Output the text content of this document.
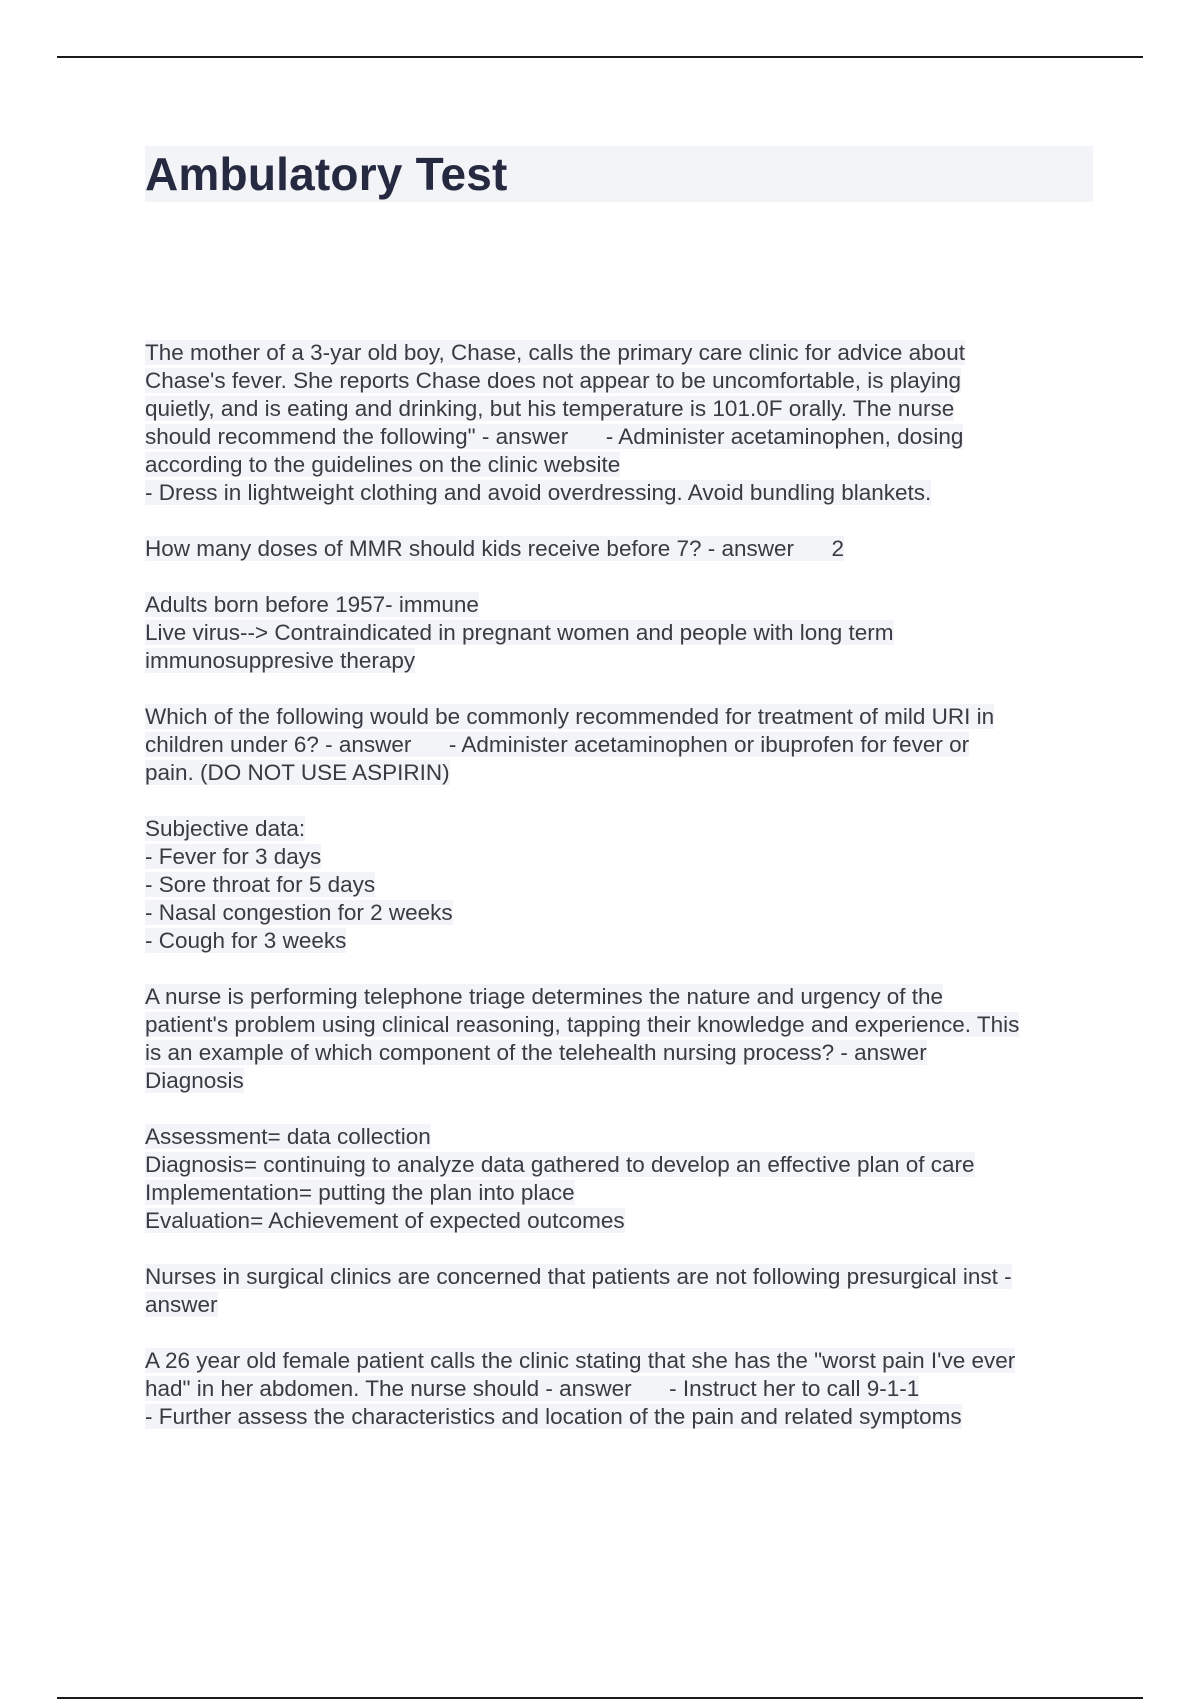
Ambulatory Test
The mother of a 3-yar old boy, Chase, calls the primary care clinic for advice about
Chase's fever. She reports Chase does not appear to be uncomfortable, is playing
quietly, and is eating and drinking, but his temperature is 101.0F orally. The nurse
should recommend the following" - answer      - Administer acetaminophen, dosing
according to the guidelines on the clinic website
- Dress in lightweight clothing and avoid overdressing. Avoid bundling blankets.
How many doses of MMR should kids receive before 7? - answer      2
Adults born before 1957- immune
Live virus--> Contraindicated in pregnant women and people with long term
immunosuppresive therapy
Which of the following would be commonly recommended for treatment of mild URI in
children under 6? - answer      - Administer acetaminophen or ibuprofen for fever or
pain. (DO NOT USE ASPIRIN)
Subjective data:
- Fever for 3 days
- Sore throat for 5 days
- Nasal congestion for 2 weeks
- Cough for 3 weeks
A nurse is performing telephone triage determines the nature and urgency of the
patient's problem using clinical reasoning, tapping their knowledge and experience. This
is an example of which component of the telehealth nursing process? - answer
Diagnosis
Assessment= data collection
Diagnosis= continuing to analyze data gathered to develop an effective plan of care
Implementation= putting the plan into place
Evaluation= Achievement of expected outcomes
Nurses in surgical clinics are concerned that patients are not following presurgical inst -
answer
A 26 year old female patient calls the clinic stating that she has the "worst pain I've ever
had" in her abdomen. The nurse should - answer      - Instruct her to call 9-1-1
- Further assess the characteristics and location of the pain and related symptoms
